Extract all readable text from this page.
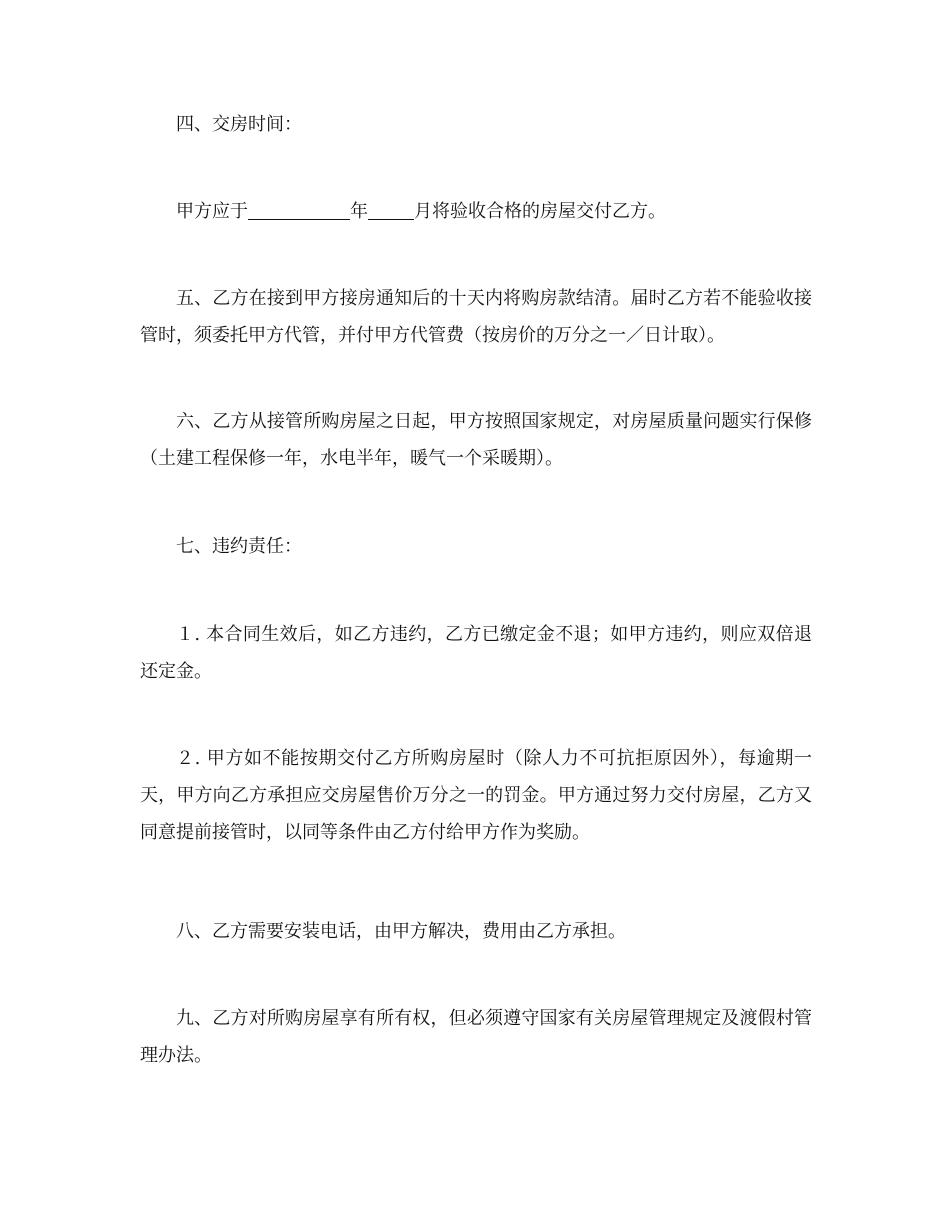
四、交房时间：

甲方应于	年	月将验收合格的房屋交付乙方。

五、乙方在接到甲方接房通知后的十天内将购房款结清。届时乙方若不能验收接管时，须委托甲方代管，并付甲方代管费（按房价的万分之一／日计取）。

六、乙方从接管所购房屋之日起，甲方按照国家规定，对房屋质量问题实行保修（土建工程保修一年，水电半年，暖气一个采暖期）。

七、违约责任：

１. 本合同生效后，如乙方违约，乙方已缴定金不退；如甲方违约，则应双倍退还定金。

２. 甲方如不能按期交付乙方所购房屋时（除人力不可抗拒原因外），每逾期一天，甲方向乙方承担应交房屋售价万分之一的罚金。甲方通过努力交付房屋，乙方又同意提前接管时，以同等条件由乙方付给甲方作为奖励。

八、乙方需要安装电话，由甲方解决，费用由乙方承担。

九、乙方对所购房屋享有所有权，但必须遵守国家有关房屋管理规定及渡假村管理办法。
